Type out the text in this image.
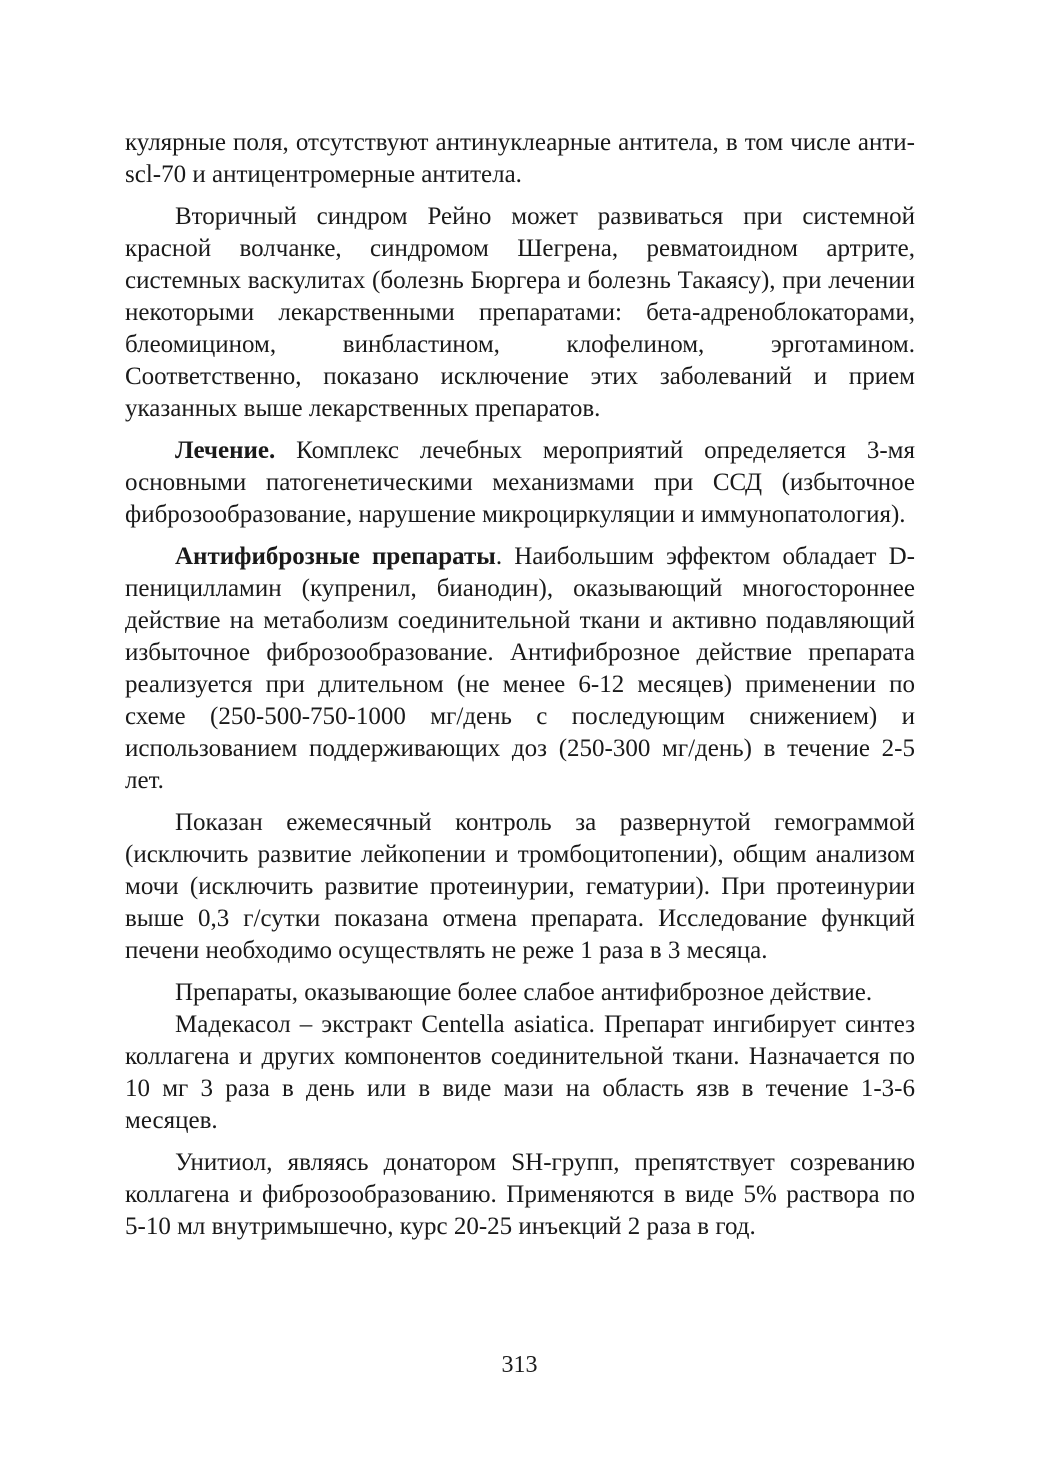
кулярные поля, отсутствуют антинуклеарные антитела, в том числе анти-scl-70 и антицентромерные антитела.

Вторичный синдром Рейно может развиваться при системной красной волчанке, синдромом Шегрена, ревматоидном артрите, системных васкулитах (болезнь Бюргера и болезнь Такаясу), при лечении некоторыми лекарственными препаратами: бета-адреноблокаторами, блеомицином, винбластином, клофелином, эрготамином. Соответственно, показано исключение этих заболеваний и прием указанных выше лекарственных препаратов.

Лечение. Комплекс лечебных мероприятий определяется 3-мя основными патогенетическими механизмами при ССД (избыточное фиброзообразование, нарушение микроциркуляции и иммунопатология).

Антифиброзные препараты. Наибольшим эффектом обладает D-пеницилламин (купренил, бианодин), оказывающий многостороннее действие на метаболизм соединительной ткани и активно подавляющий избыточное фиброзообразование. Антифиброзное действие препарата реализуется при длительном (не менее 6-12 месяцев) применении по схеме (250-500-750-1000 мг/день с последующим снижением) и использованием поддерживающих доз (250-300 мг/день) в течение 2-5 лет.

Показан ежемесячный контроль за развернутой гемограммой (исключить развитие лейкопении и тромбоцитопении), общим анализом мочи (исключить развитие протеинурии, гематурии). При протеинурии выше 0,3 г/сутки показана отмена препарата. Исследование функций печени необходимо осуществлять не реже 1 раза в 3 месяца.

Препараты, оказывающие более слабое антифиброзное действие.

Мадекасол – экстракт Centella asiatica. Препарат ингибирует синтез коллагена и других компонентов соединительной ткани. Назначается по 10 мг 3 раза в день или в виде мази на область язв в течение 1-3-6 месяцев.

Унитиол, являясь донатором SH-групп, препятствует созреванию коллагена и фиброзообразованию. Применяются в виде 5% раствора по 5-10 мл внутримышечно, курс 20-25 инъекций 2 раза в год.

313
